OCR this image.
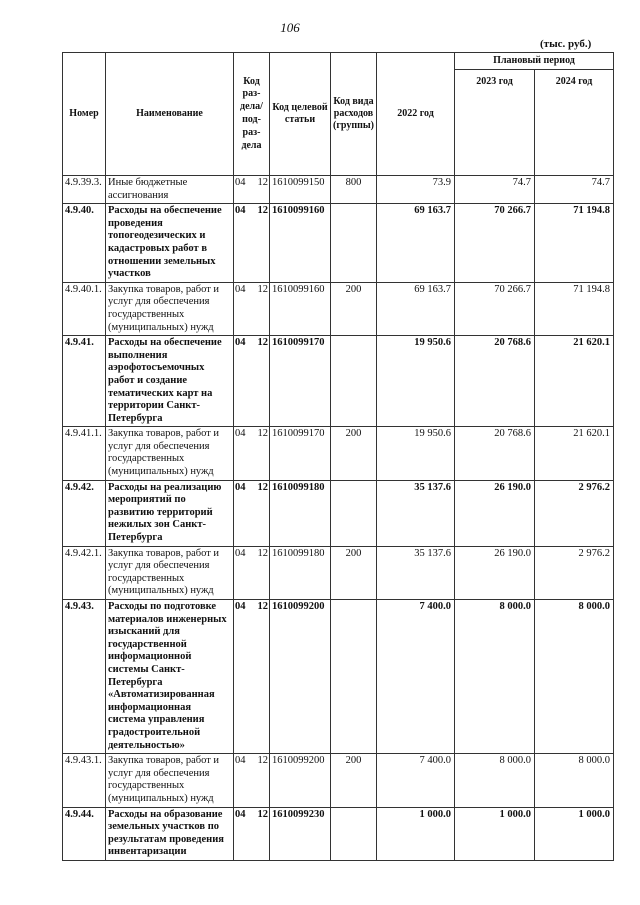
106
(тыс. руб.)
Номер	Наименование	Код раз-дела/ под-раз-дела	Код целевой статьи	Код вида расходов (группы)	2022 год	Плановый период	
						2023 год	2024 год
4.9.39.3.	Иные бюджетные ассигнования	04 12	1610099150	800	73.9	74.7	74.7
4.9.40.	Расходы на обеспечение проведения топогеодезических и кадастровых работ в отношении земельных участков	04 12	1610099160		69 163.7	70 266.7	71 194.8
4.9.40.1.	Закупка товаров, работ и услуг для обеспечения государственных (муниципальных) нужд	04 12	1610099160	200	69 163.7	70 266.7	71 194.8
4.9.41.	Расходы на обеспечение выполнения аэрофотосъемочных работ и создание тематических карт на территории Санкт-Петербурга	04 12	1610099170		19 950.6	20 768.6	21 620.1
4.9.41.1.	Закупка товаров, работ и услуг для обеспечения государственных (муниципальных) нужд	04 12	1610099170	200	19 950.6	20 768.6	21 620.1
4.9.42.	Расходы на реализацию мероприятий по развитию территорий нежилых зон Санкт-Петербурга	04 12	1610099180		35 137.6	26 190.0	2 976.2
4.9.42.1.	Закупка товаров, работ и услуг для обеспечения государственных (муниципальных) нужд	04 12	1610099180	200	35 137.6	26 190.0	2 976.2
4.9.43.	Расходы по подготовке материалов инженерных изысканий для государственной информационной системы Санкт-Петербурга «Автоматизированная информационная система управления градостроительной деятельностью»	04 12	1610099200		7 400.0	8 000.0	8 000.0
4.9.43.1.	Закупка товаров, работ и услуг для обеспечения государственных (муниципальных) нужд	04 12	1610099200	200	7 400.0	8 000.0	8 000.0
4.9.44.	Расходы на образование земельных участков по результатам проведения инвентаризации	04 12	1610099230		1 000.0	1 000.0	1 000.0
